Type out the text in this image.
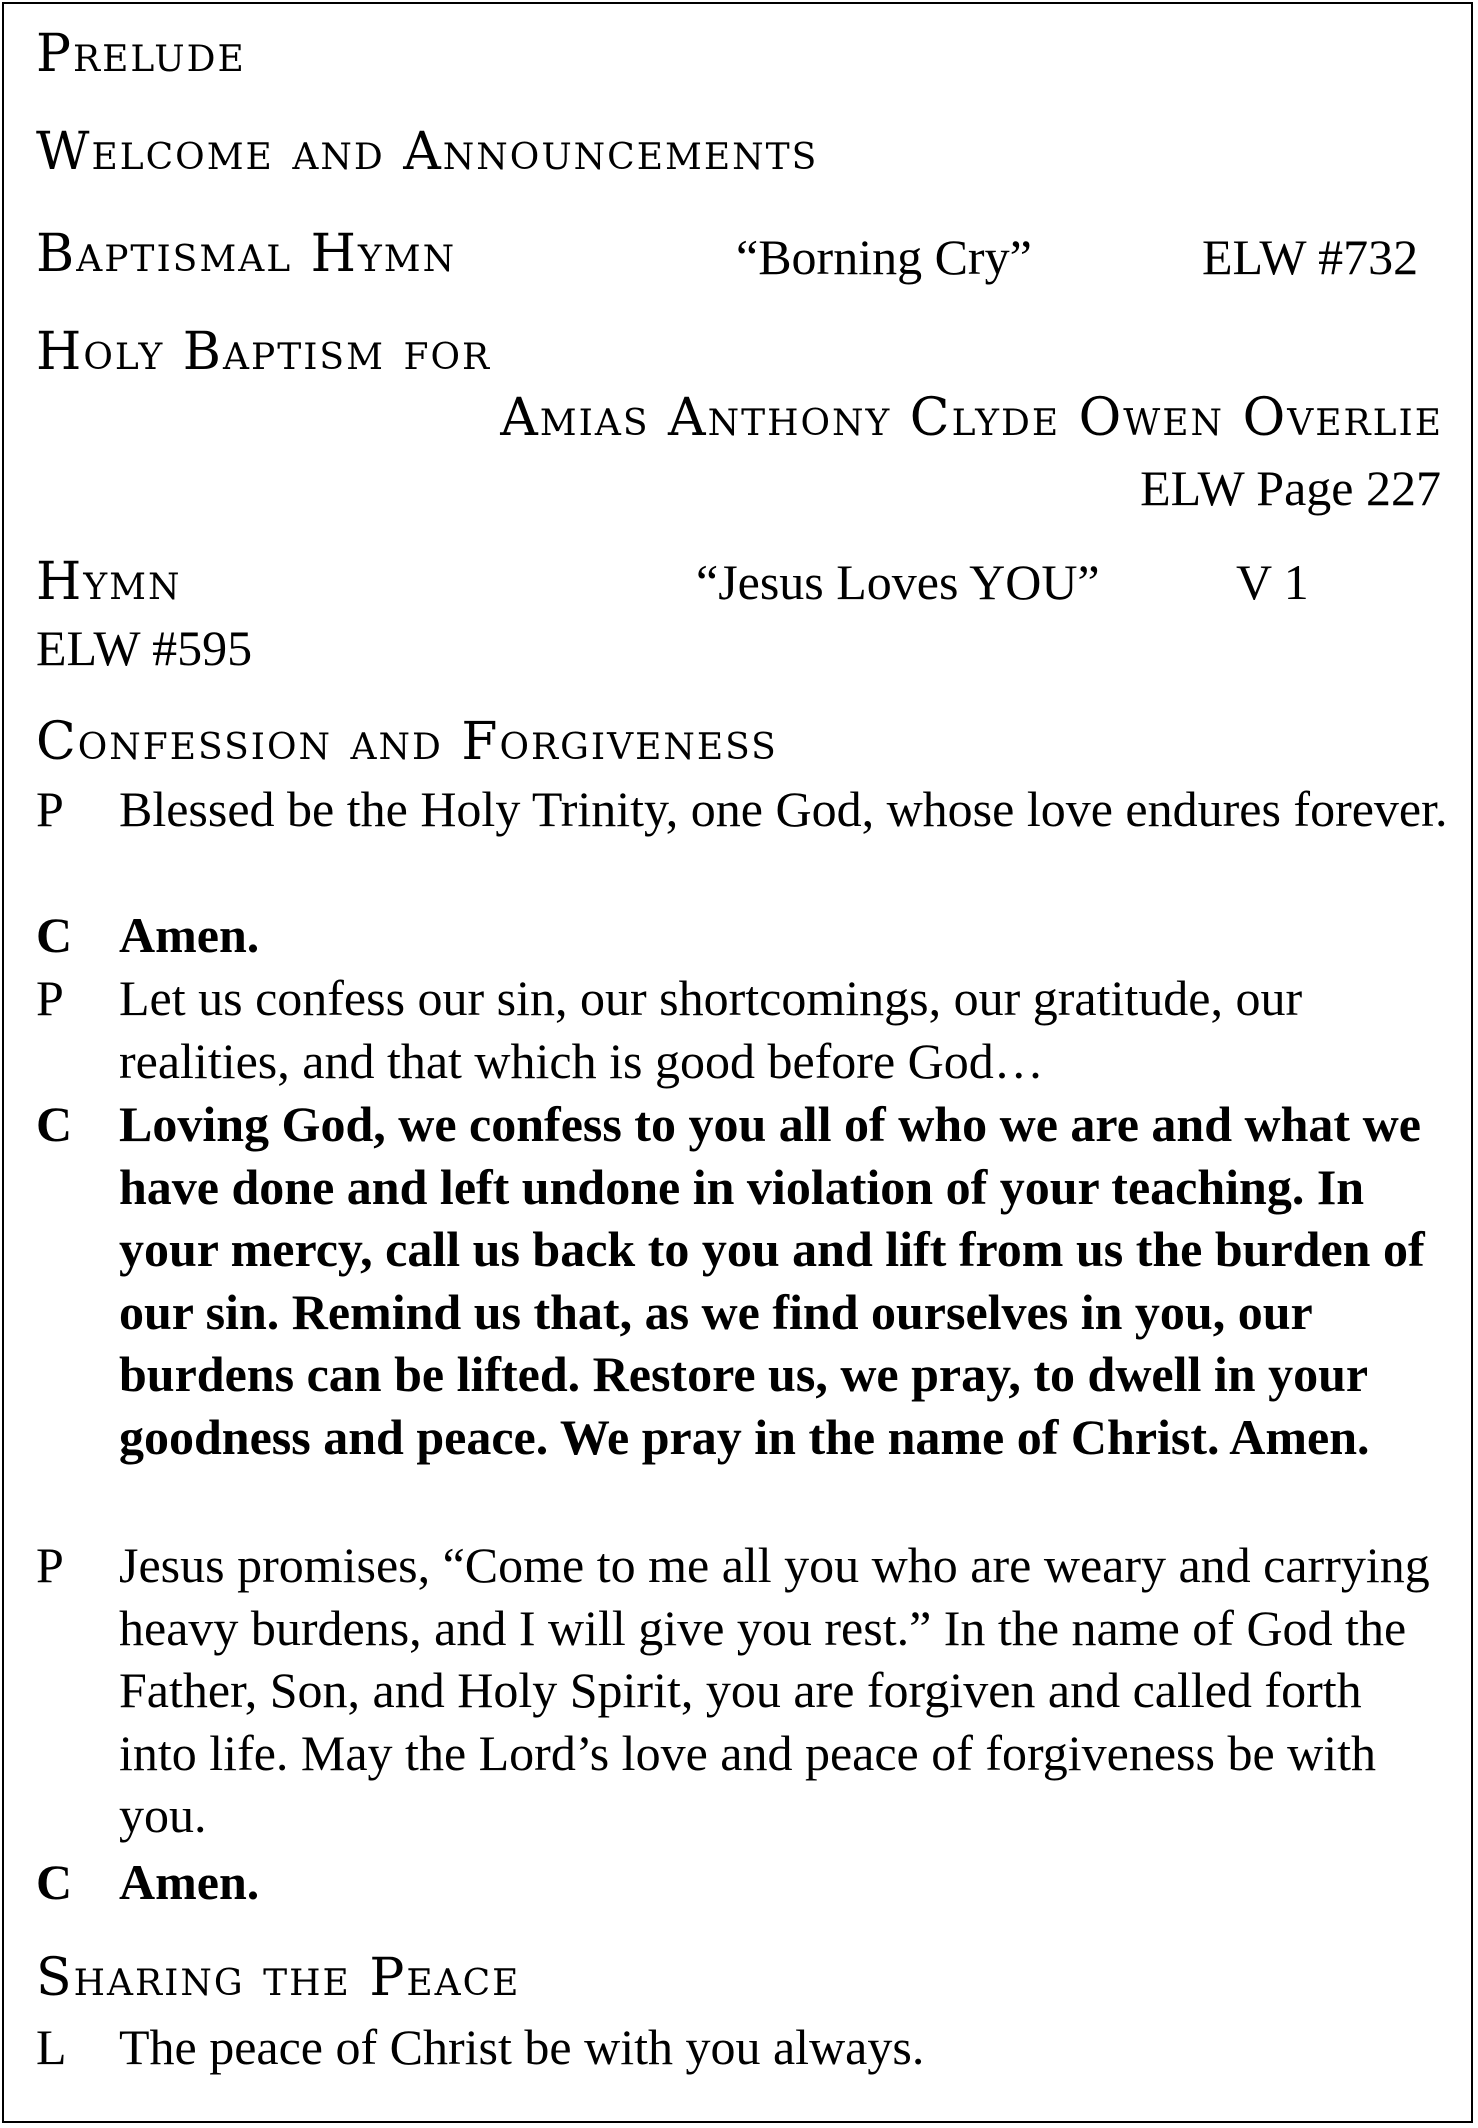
Prelude
Welcome and Announcements
Baptismal Hymn	“Borning Cry”	ELW #732
Holy Baptism for
Amias Anthony Clyde Owen Overlie
ELW Page 227
Hymn	“Jesus Loves YOU”	V 1
ELW #595
Confession and Forgiveness
P	Blessed be the Holy Trinity, one God, whose love endures forever.
C Amen.
P	Let us confess our sin, our shortcomings, our gratitude, our realities, and that which is good before God…
C Loving God, we confess to you all of who we are and what we have done and left undone in violation of your teaching. In your mercy, call us back to you and lift from us the burden of our sin. Remind us that, as we find ourselves in you, our burdens can be lifted. Restore us, we pray, to dwell in your goodness and peace. We pray in the name of Christ. Amen.
P	Jesus promises, “Come to me all you who are weary and carrying heavy burdens, and I will give you rest.” In the name of God the Father, Son, and Holy Spirit, you are forgiven and called forth into life. May the Lord’s love and peace of forgiveness be with you.
C Amen.
Sharing the Peace
L	The peace of Christ be with you always.
